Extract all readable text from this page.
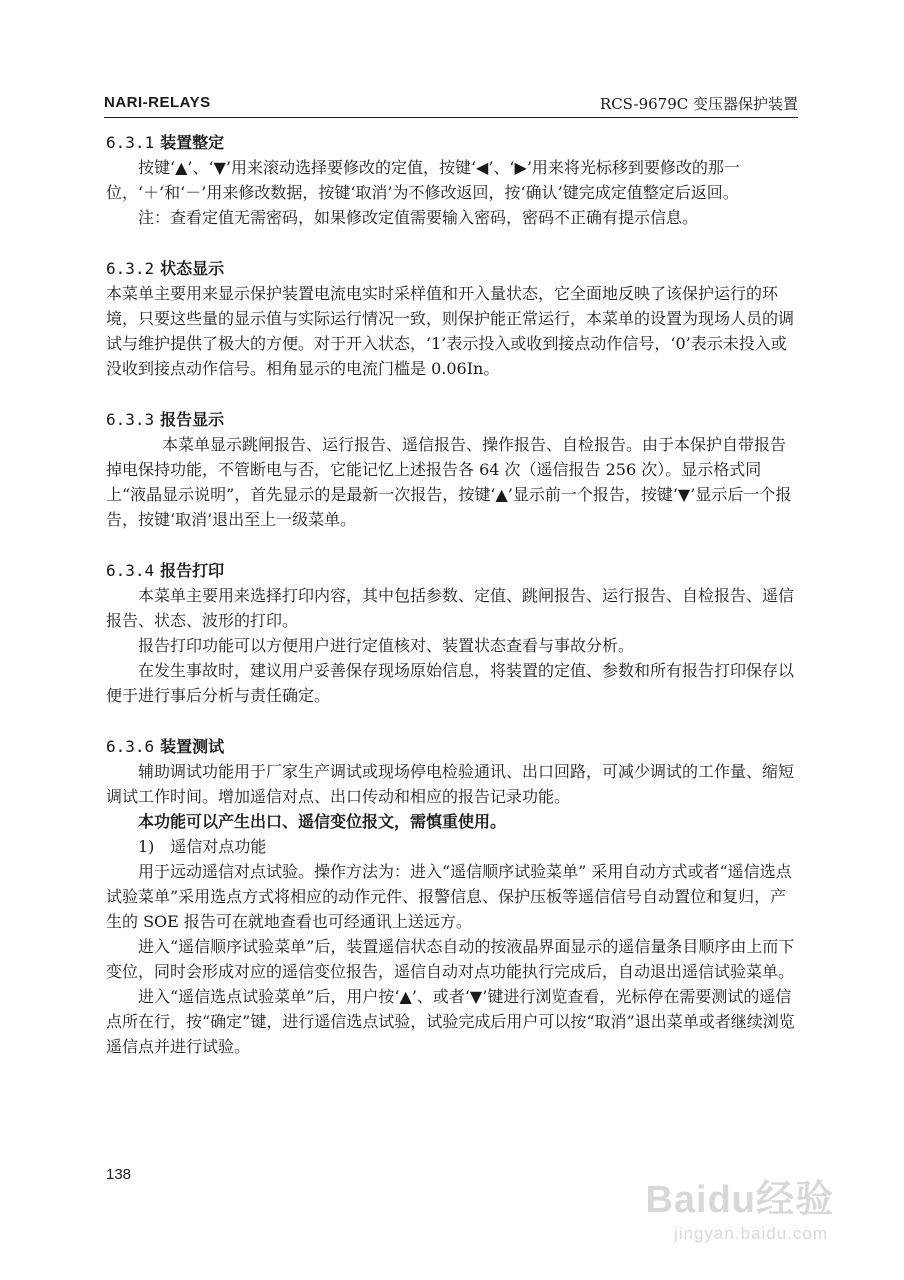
NARI-RELAYS	RCS-9679C 变压器保护装置
6.3.1 装置整定

按键‘▲’、‘▼’用来滚动选择要修改的定值，按键‘◀’、‘▶’用来将光标移到要修改的那一位，‘＋’和‘－’用来修改数据，按键‘取消’为不修改返回，按‘确认’键完成定值整定后返回。

注：查看定值无需密码，如果修改定值需要输入密码，密码不正确有提示信息。

6.3.2 状态显示

本菜单主要用来显示保护装置电流电实时采样值和开入量状态，它全面地反映了该保护运行的环境，只要这些量的显示值与实际运行情况一致，则保护能正常运行，本菜单的设置为现场人员的调试与维护提供了极大的方便。对于开入状态，‘1’表示投入或收到接点动作信号，‘0’表示未投入或没收到接点动作信号。相角显示的电流门槛是 0.06In。

6.3.3 报告显示

本菜单显示跳闸报告、运行报告、遥信报告、操作报告、自检报告。由于本保护自带报告掉电保持功能，不管断电与否，它能记忆上述报告各 64 次（遥信报告 256 次）。显示格式同上“液晶显示说明”，首先显示的是最新一次报告，按键‘▲’显示前一个报告，按键‘▼’显示后一个报告，按键‘取消’退出至上一级菜单。

6.3.4 报告打印

本菜单主要用来选择打印内容，其中包括参数、定值、跳闸报告、运行报告、自检报告、遥信报告、状态、波形的打印。

报告打印功能可以方便用户进行定值核对、装置状态查看与事故分析。

在发生事故时，建议用户妥善保存现场原始信息，将装置的定值、参数和所有报告打印保存以便于进行事后分析与责任确定。

6.3.6 装置测试

辅助调试功能用于厂家生产调试或现场停电检验通讯、出口回路，可减少调试的工作量、缩短调试工作时间。增加遥信对点、出口传动和相应的报告记录功能。

本功能可以产生出口、遥信变位报文，需慎重使用。

1)　遥信对点功能

用于远动遥信对点试验。操作方法为：进入“遥信顺序试验菜单” 采用自动方式或者“遥信选点试验菜单”采用选点方式将相应的动作元件、报警信息、保护压板等遥信信号自动置位和复归，产生的 SOE 报告可在就地查看也可经通讯上送远方。

进入“遥信顺序试验菜单”后，装置遥信状态自动的按液晶界面显示的遥信量条目顺序由上而下变位，同时会形成对应的遥信变位报告，遥信自动对点功能执行完成后，自动退出遥信试验菜单。

进入“遥信选点试验菜单”后，用户按‘▲’、或者‘▼’键进行浏览查看，光标停在需要测试的遥信点所在行，按“确定”键，进行遥信选点试验，试验完成后用户可以按“取消”退出菜单或者继续浏览遥信点并进行试验。

138
Baidu经验
jingyan.baidu.com
